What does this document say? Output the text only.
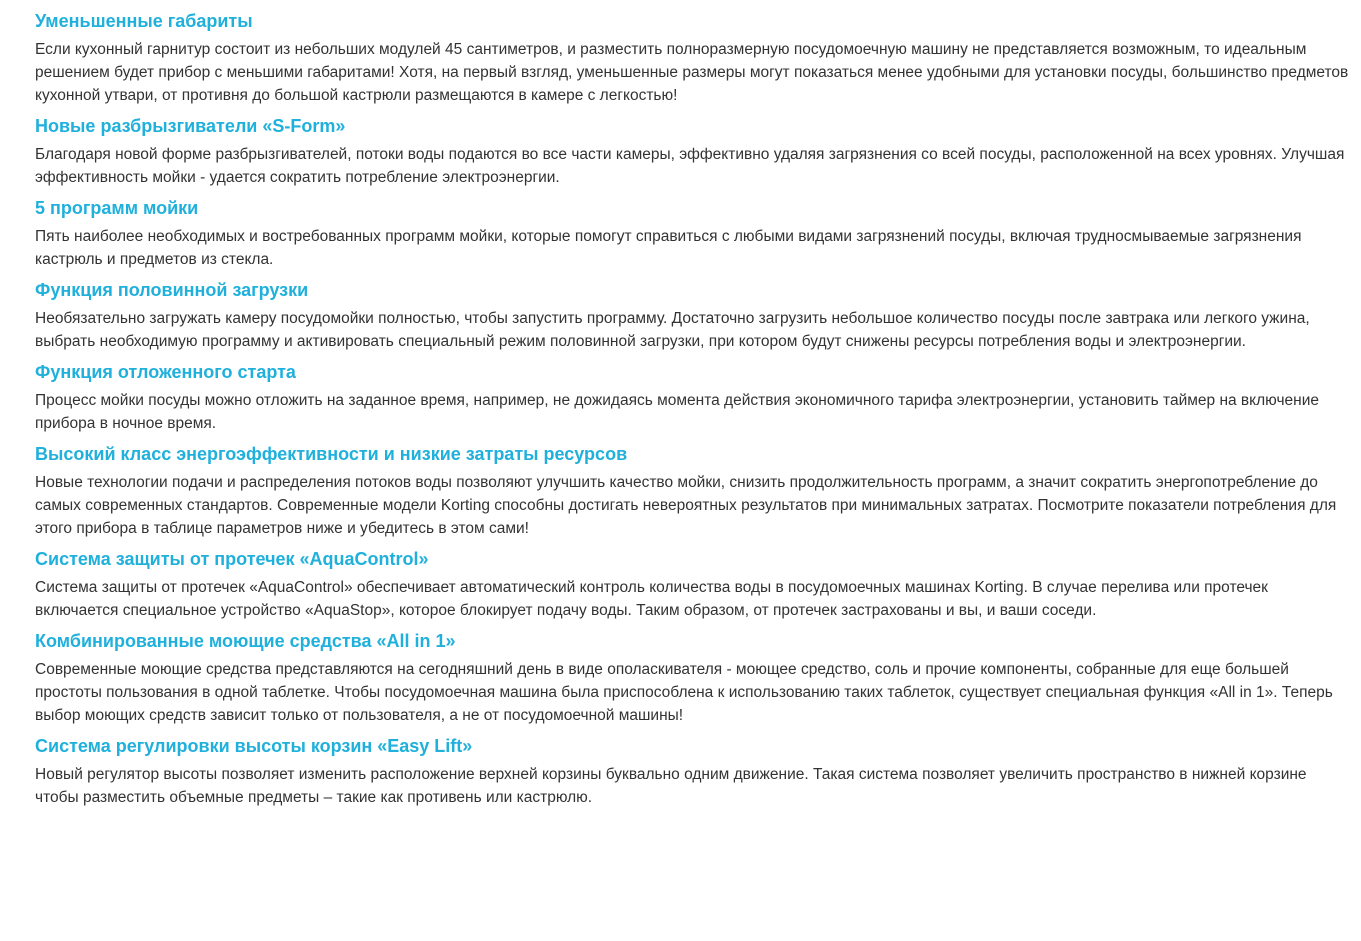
Уменьшенные габариты

Если кухонный гарнитур состоит из небольших модулей 45 сантиметров, и разместить полноразмерную посудомоечную машину не представляется возможным, то идеальным решением будет прибор с меньшими габаритами! Хотя, на первый взгляд, уменьшенные размеры могут показаться менее удобными для установки посуды, большинство предметов кухонной утвари, от противня до большой кастрюли размещаются в камере с легкостью!

Новые разбрызгиватели «S-Form»

Благодаря новой форме разбрызгивателей, потоки воды подаются во все части камеры, эффективно удаляя загрязнения со всей посуды, расположенной на всех уровнях. Улучшая эффективность мойки - удается сократить потребление электроэнергии.

5 программ мойки

Пять наиболее необходимых и востребованных программ мойки, которые помогут справиться с любыми видами загрязнений посуды, включая трудносмываемые загрязнения кастрюль и предметов из стекла.

Функция половинной загрузки

Необязательно загружать камеру посудомойки полностью, чтобы запустить программу. Достаточно загрузить небольшое количество посуды после завтрака или легкого ужина, выбрать необходимую программу и активировать специальный режим половинной загрузки, при котором будут снижены ресурсы потребления воды и электроэнергии.

Функция отложенного старта

Процесс мойки посуды можно отложить на заданное время, например, не дожидаясь момента действия экономичного тарифа электроэнергии, установить таймер на включение прибора в ночное время.

Высокий класс энергоэффективности и низкие затраты ресурсов

Новые технологии подачи и распределения потоков воды позволяют улучшить качество мойки, снизить продолжительность программ, а значит сократить энергопотребление до самых современных стандартов. Современные модели Korting способны достигать невероятных результатов при минимальных затратах. Посмотрите показатели потребления для этого прибора в таблице параметров ниже и убедитесь в этом сами!

Система защиты от протечек «AquaControl»

Система защиты от протечек «AquaControl» обеспечивает автоматический контроль количества воды в посудомоечных машинах Korting. В случае перелива или протечек включается специальное устройство «AquaStop», которое блокирует подачу воды. Таким образом, от протечек застрахованы и вы, и ваши соседи.

Комбинированные моющие средства «All in 1»

Современные моющие средства представляются на сегодняшний день в виде ополаскивателя - моющее средство, соль и прочие компоненты, собранные для еще большей простоты пользования в одной таблетке. Чтобы посудомоечная машина была приспособлена к использованию таких таблеток, существует специальная функция «All in 1». Теперь выбор моющих средств зависит только от пользователя, а не от посудомоечной машины!

Система регулировки высоты корзин «Easy Lift»

Новый регулятор высоты позволяет изменить расположение верхней корзины буквально одним движение. Такая система позволяет увеличить пространство в нижней корзине чтобы разместить объемные предметы – такие как противень или кастрюлю.
